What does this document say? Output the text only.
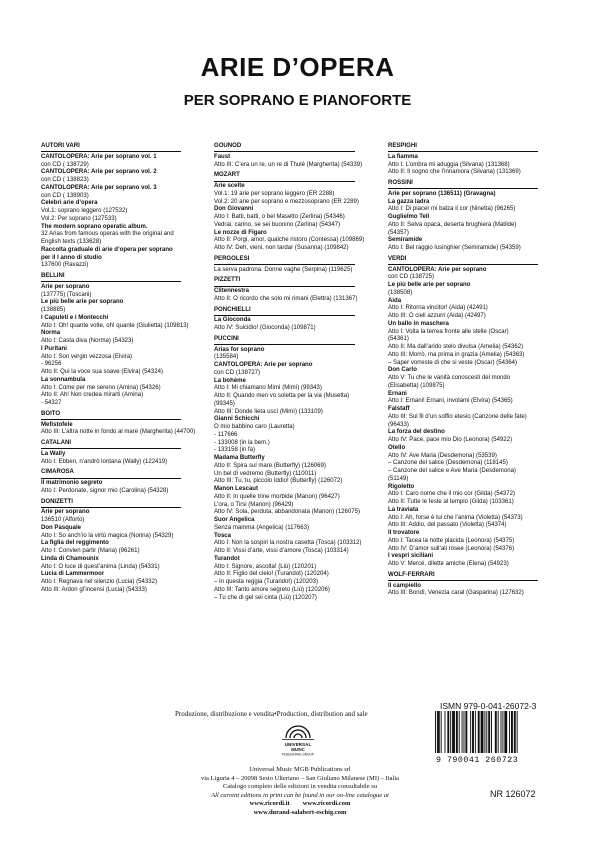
ARIE D’OPERA
PER SOPRANO E PIANOFORTE
AUTORI VARI
CANTOLOPERA: Arie per soprano vol. 1
con CD ( 138729)
CANTOLOPERA: Arie per soprano vol. 2
con CD ( 138823)
CANTOLOPERA: Arie per soprano vol. 3
con CD ( 138903)
Celebri arie d’opera
Vol.1: soprano leggero (127532)
Vol.2: Per soprano (127533)
The modern soprano operatic album.
32 Arias from famous operas with the original and English texts (133628)
Raccolta graduale di arie d’opera per soprano per il I anno di studio
137600 (Ravazzi)
BELLINI
Arie per soprano
(137775) (Toscani)
Le più belle arie per soprano
(138885)
I Capuleti e i Montecchi
Atto I: Oh! quante volte, oh! quante (Giulietta) (109813)
Norma
Atto I: Casta diva (Norma) (54323)
I Puritani
Atto I: Son vergin vezzosa (Elvira)
- 96256
Atto II: Qui la voce sua soave (Elvira) (54324)
La sonnambula
Atto I: Come per me sereno (Amina) (54326)
Atto II: Ah! Non credea mirarti (Amina)
- 54327
BOITO
Mefistofele
Atto III: L’altra notte in fondo al mare (Margherita) (44700)
CATALANI
La Wally
Atto I: Ebben, n’andrò lontana (Wally) (122419)
CIMAROSA
Il matrimonio segreto
Atto I: Perdonate, signor mio (Carolina) (54328)
DONIZETTI
Arie per soprano
136510 (Alforto)
Don Pasquale
Atto I: So anch’io la virtù magica (Norina) (54329)
La figlia del reggimento
Atto I: Convien partir (Maria) (96261)
Linda di Chamounix
Atto I: O luce di quest’anima (Linda) (54331)
Lucia di Lammermoor
Atto I: Regnava nel silenzio (Lucia) (54332)
Atto III: Ardon gl’incensi (Lucia) (54333)
GOUNOD
Faust
Atto III: C’era un re, un re di Thulé (Margherita) (54339)
MOZART
Arie scelte
Vol.1: 19 arie per soprano leggero (ER 2288)
Vol.2: 20 arie per soprano e mezzosoprano (ER 2289)
Don Giovanni
Atto I: Batti, batti, o bel Masetto (Zerlina) (54346)
Vedrai, carino, se sei buonino (Zerlina) (54347)
Le nozze di Figaro
Atto II: Porgi, amor, qualche ristoro (Contessa) (109869)
Atto IV: Deh, vieni, non tardar (Susanna) (109842)
PERGOLESI
La serva padrona. Donne vaghe (Serpina) (119625)
PIZZETTI
Clitennestra
Atto II: O ricordo che solo mi rimani (Elettra) (131367)
PONCHIELLI
La Gioconda
Atto IV: Suicidio! (Gioconda) (109871)
PUCCINI
Arias for soprano
(135584)
CANTOLOPERA: Arie per soprano
con CD (138727)
La bohème
Atto I: Mi chiamano Mimì (Mimì) (99343)
Atto II: Quando men vo soletta per la via (Musetta)
(99345)
Atto III: Donde lieta uscì (Mimì) (133109)
Gianni Schicchi
O mio babbino caro (Lauretta)
- 117666
- 133008 (in la bem.)
- 133158 (in fa)
Madama Butterfly
Atto II: Spira sul mare (Butterfly) (126069)
Un bel dì vedremo (Butterfly) (110011)
Atto III: Tu, tu, piccolo Iddio! (Butterfly) (126072)
Manon Lescaut
Atto II: In quelle trine morbide (Manon) (96427)
L’ora, o Tirsi (Manon) (96429)
Atto IV: Sola, perduta, abbandonata (Manon) (126075)
Suor Angelica
Senza mamma (Angelica) (117663)
Tosca
Atto I: Non la sospiri la nostra casetta (Tosca) (103312)
Atto II: Vissi d’arte, vissi d’amore (Tosca) (103314)
Turandot
Atto I: Signore, ascolta! (Liù) (120201)
Atto II: Figlio del cielo! (Turandot) (120204)
– In questa reggia (Turandot) (120203)
Atto III: Tanto amore segreto (Liù) (120206)
– Tu che di gel sei cinta (Liù) (120207)
RESPIGHI
La fiamma
Atto I: L’ombra mi aduggia (Silvana) (131368)
Atto II: Il sogno che l’innamora (Silvana) (131369)
ROSSINI
Arie per soprano (136511) (Gravagna)
La gazza ladra
Atto I: Di piacer mi balza il cor (Ninetta) (96265)
Guglielmo Tell
Atto II: Selva opaca, deserta brughiera (Matilde)
(54357)
Semiramide
Atto I: Bel raggio lusinghier (Semiramide) (54359)
VERDI
CANTOLOPERA: Arie per soprano
con CD (138725)
Le più belle arie per soprano
(138508)
Aida
Atto I: Ritorna vincitor! (Aida) (42491)
Atto III: O cieli azzurri (Aida) (42497)
Un ballo in maschera
Atto I: Volta la terrea fronte alle stelle (Oscar)
(54361)
Atto II: Ma dall’arido stelo divulsa (Amelia) (54362)
Atto III: Morrò, ma prima in grazia (Amelia) (54363)
– Saper vorreste di che si veste (Oscar) (54364)
Don Carlo
Atto V: Tu che le vanità conoscesti del mondo (Elisabetta) (109875)
Ernani
Atto I: Ernani! Ernani, involami (Elvira) (54365)
Falstaff
Atto III: Sul fil d’un soffio etesio (Canzone delle fate) (96433)
La forza del destino
Atto IV: Pace, pace mio Dio (Leonora) (54922)
Otello
Atto IV: Ave Maria (Desdemona) (53539)
– Canzone del salice (Desdemona) (118145)
– Canzone del salice e Ave Maria (Desdemona)
(51149)
Rigoletto
Atto I: Caro nome che il mio cor (Gilda) (54372)
Atto II: Tutte le feste al tempio (Gilda) (103361)
La traviata
Atto I: Ah, forse è lui che l’anima (Violetta) (54373)
Atto III: Addio, del passato (Violetta) (54374)
Il trovatore
Atto I: Tacea la notte placida (Leonora) (54375)
Atto IV: D’amor sull’ali rosee (Leonora) (54376)
I vespri siciliani
Atto V: Mercé, dilette amiche (Elena) (54923)
WOLF-FERRARI
Il campiello
Atto III: Bondì, Venezia caral (Gasparina) (127632)
Produzione, distribuzione e vendita•Production, distribution and sale
UNIVERSAL
MUSIC
PUBLISHING GROUP
Universal Music MGB Publications srl
via Liguria 4 – 20098 Sesto Ulteriano – San Giuliano Milanese (MI) – Italia
Catalogo completo delle edizioni in vendita consultabile su
All current editions in print can be found in our on-line catalogue at
www.ricordi.it www.ricordi.com
www.durand-salabert-eschig.com
ISMN 979-0-041-26072-3
9 790041 260723
NR 126072
